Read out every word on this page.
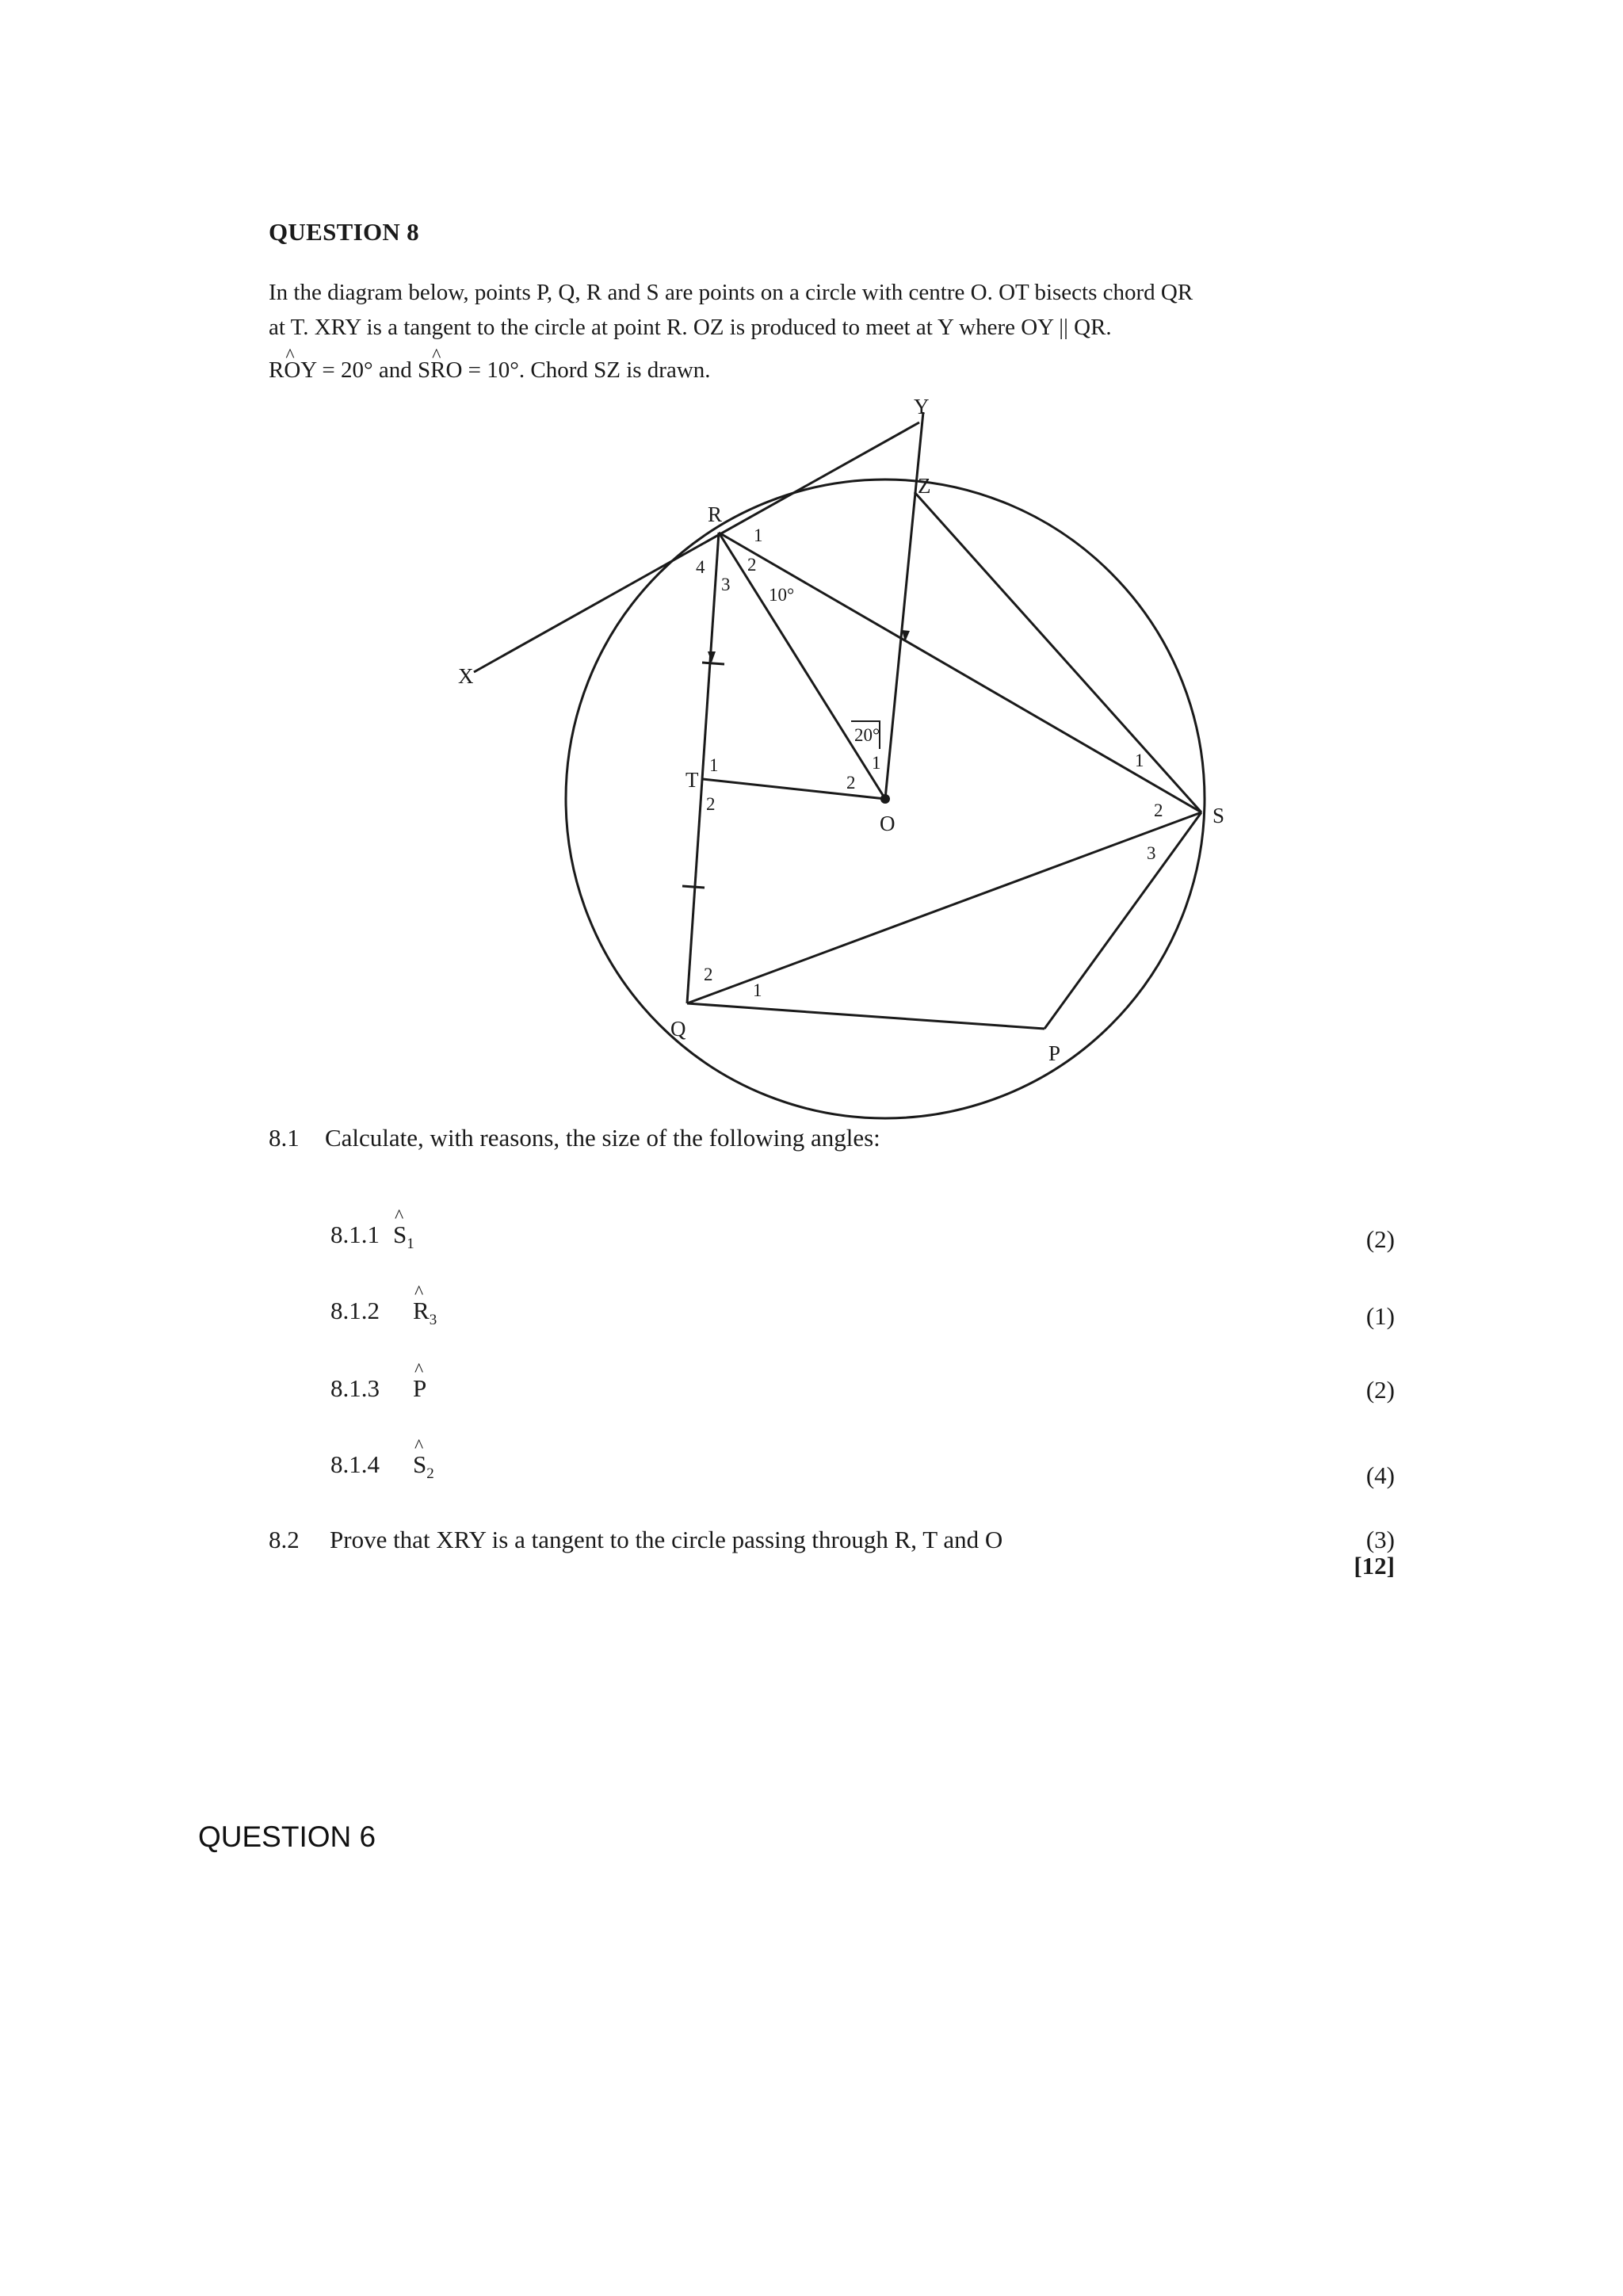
QUESTION 8
In the diagram below, points P, Q, R and S are points on a circle with centre O. OT bisects chord QR
at T. XRY is a tangent to the circle at point R. OZ is produced to meet at Y where OY || QR.
R^ OY = 20° and S^ RO = 10°. Chord SZ is drawn.
X
Y
Z
R
T
O	S
Q
P
1
2
3
4
10°
1
2
20°
1
2
1
2
3
2
1
8.1 Calculate, with reasons, the size of the following angles:
8.1.1 ^ $S_1$	(2)
8.1.2 ^ $R_3$	(1)
8.1.3 ^ P	(2)
8.1.4 ^ $S_2$	(4)
8.2 Prove that XRY is a tangent to the circle passing through R, T and O	(3)
[12]
QUESTION 6
